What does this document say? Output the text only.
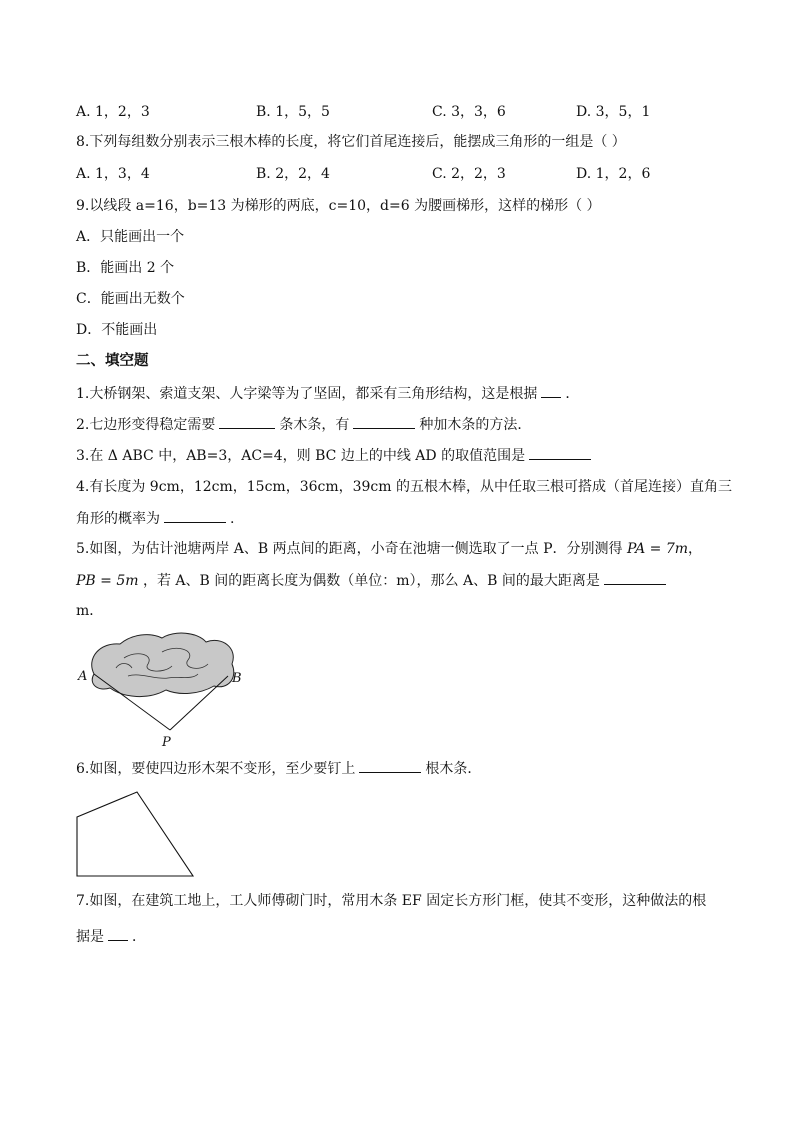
A. 1，2，3	B. 1，5，5	C. 3，3，6	D. 3，5，1
8.下列每组数分别表示三根木棒的长度，将它们首尾连接后，能摆成三角形的一组是（ ）
A. 1，3，4	B. 2，2，4	C. 2，2，3	D. 1，2，6
9.以线段 a=16，b=13 为梯形的两底，c=10，d=6 为腰画梯形，这样的梯形（ ）
A．只能画出一个
B．能画出 2 个
C．能画出无数个
D．不能画出
二、填空题
1.大桥钢架、索道支架、人字梁等为了坚固，都采有三角形结构，这是根据 ．
2.七边形变得稳定需要	条木条，有	种加木条的方法．
3.在 Δ ABC 中，AB=3，AC=4，则 BC 边上的中线 AD 的取值范围是
4.有长度为 9cm，12cm，15cm，36cm，39cm 的五根木棒，从中任取三根可搭成（首尾连接）直角三
角形的概率为	.
5.如图，为估计池塘两岸 A、B 两点间的距离，小奇在池塘一侧选取了一点 P．分别测得 PA = 7m，
PB = 5m ，若 A、B 间的距离长度为偶数（单位：m），那么 A、B 间的最大距离是
m．
A	B
P
6.如图，要使四边形木架不变形，至少要钉上	根木条．
7.如图，在建筑工地上，工人师傅砌门时，常用木条 EF 固定长方形门框，使其不变形，这种做法的根
据是 ．
